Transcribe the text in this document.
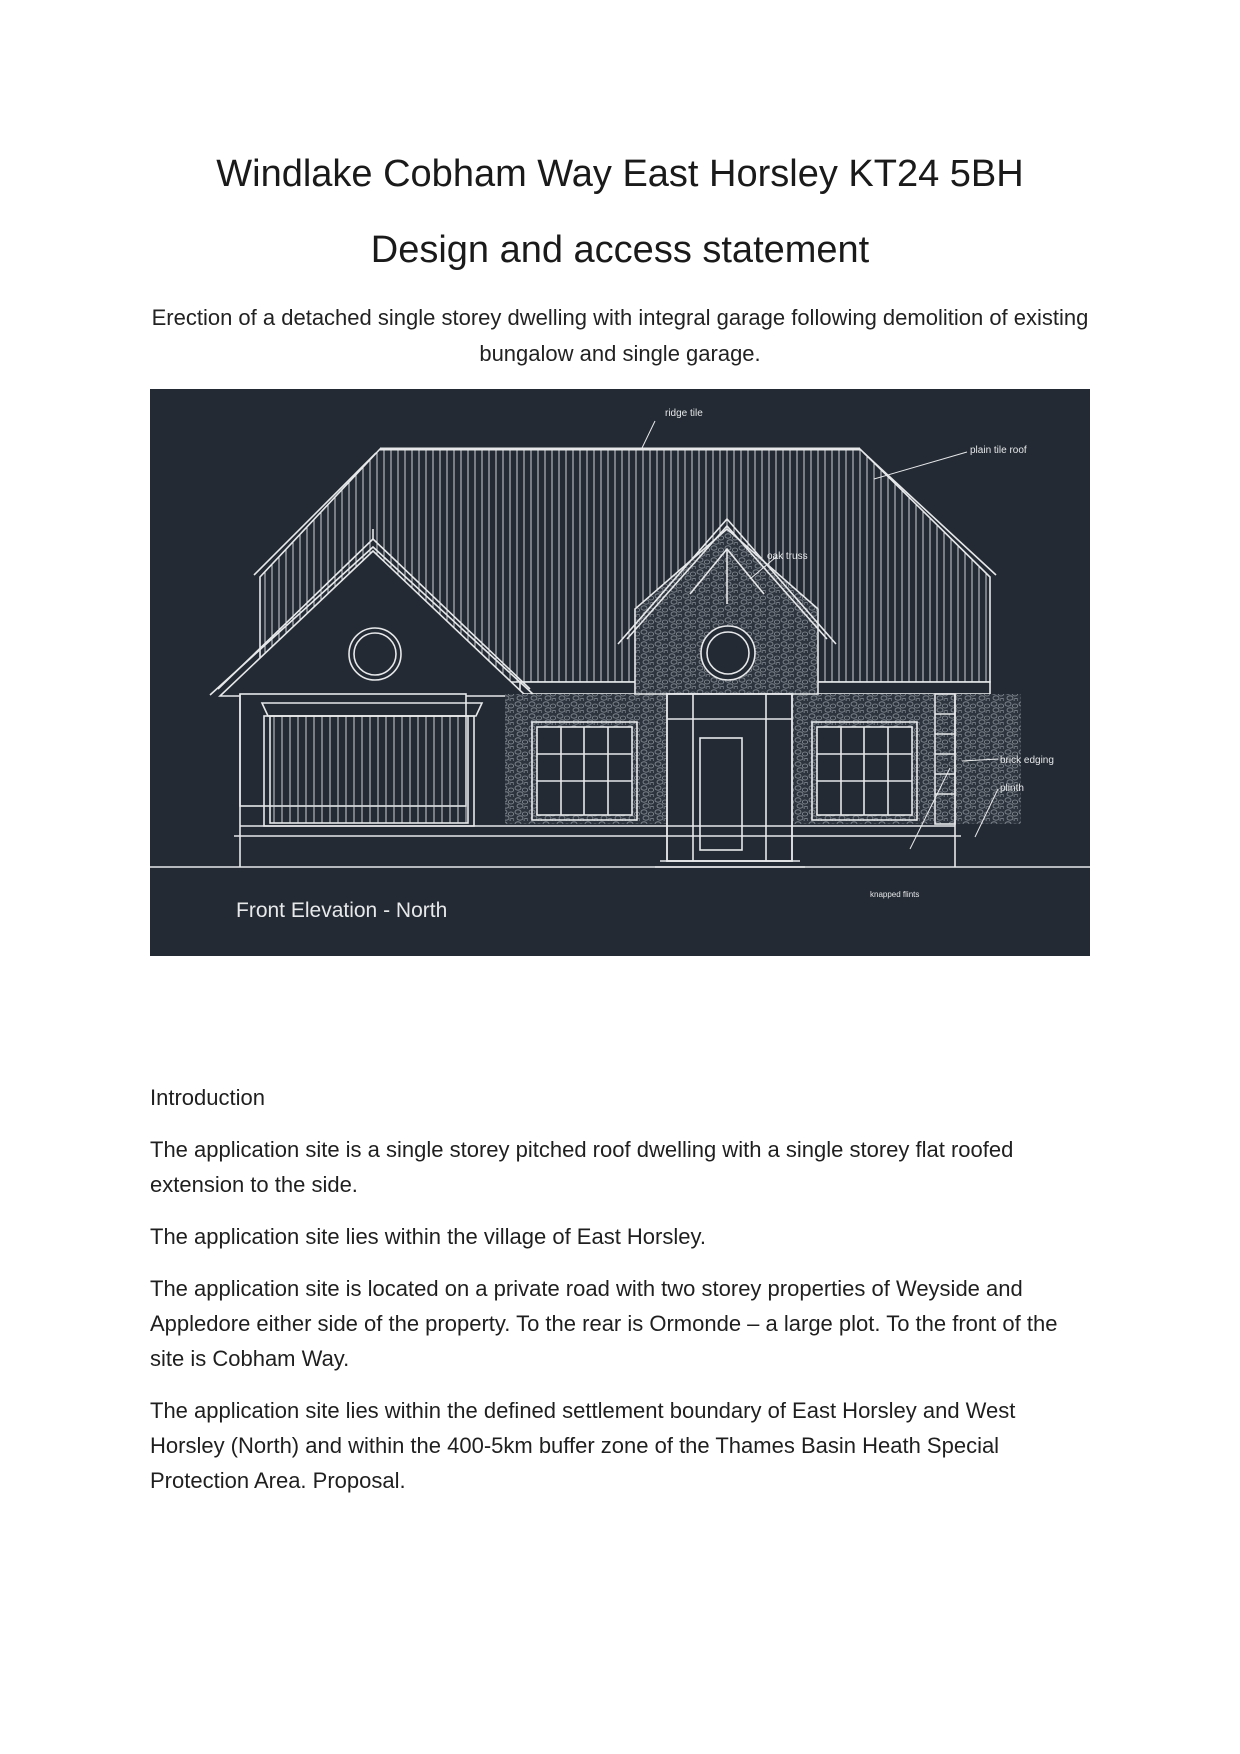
Windlake Cobham Way East Horsley KT24 5BH
Design and access statement

Erection of a detached single storey dwelling with integral garage following demolition of existing bungalow and single garage.

ridge tile
plain tile roof
oak truss
brick edging
plinth
knapped flints
Front Elevation - North

Introduction

The application site is a single storey pitched roof dwelling with a single storey flat roofed extension to the side.

The application site lies within the village of East Horsley.

The application site is located on a private road with two storey properties of Weyside and Appledore either side of the property. To the rear is Ormonde – a large plot. To the front of the site is Cobham Way.

The application site lies within the defined settlement boundary of East Horsley and West Horsley (North) and within the 400-5km buffer zone of the Thames Basin Heath Special Protection Area. Proposal.
